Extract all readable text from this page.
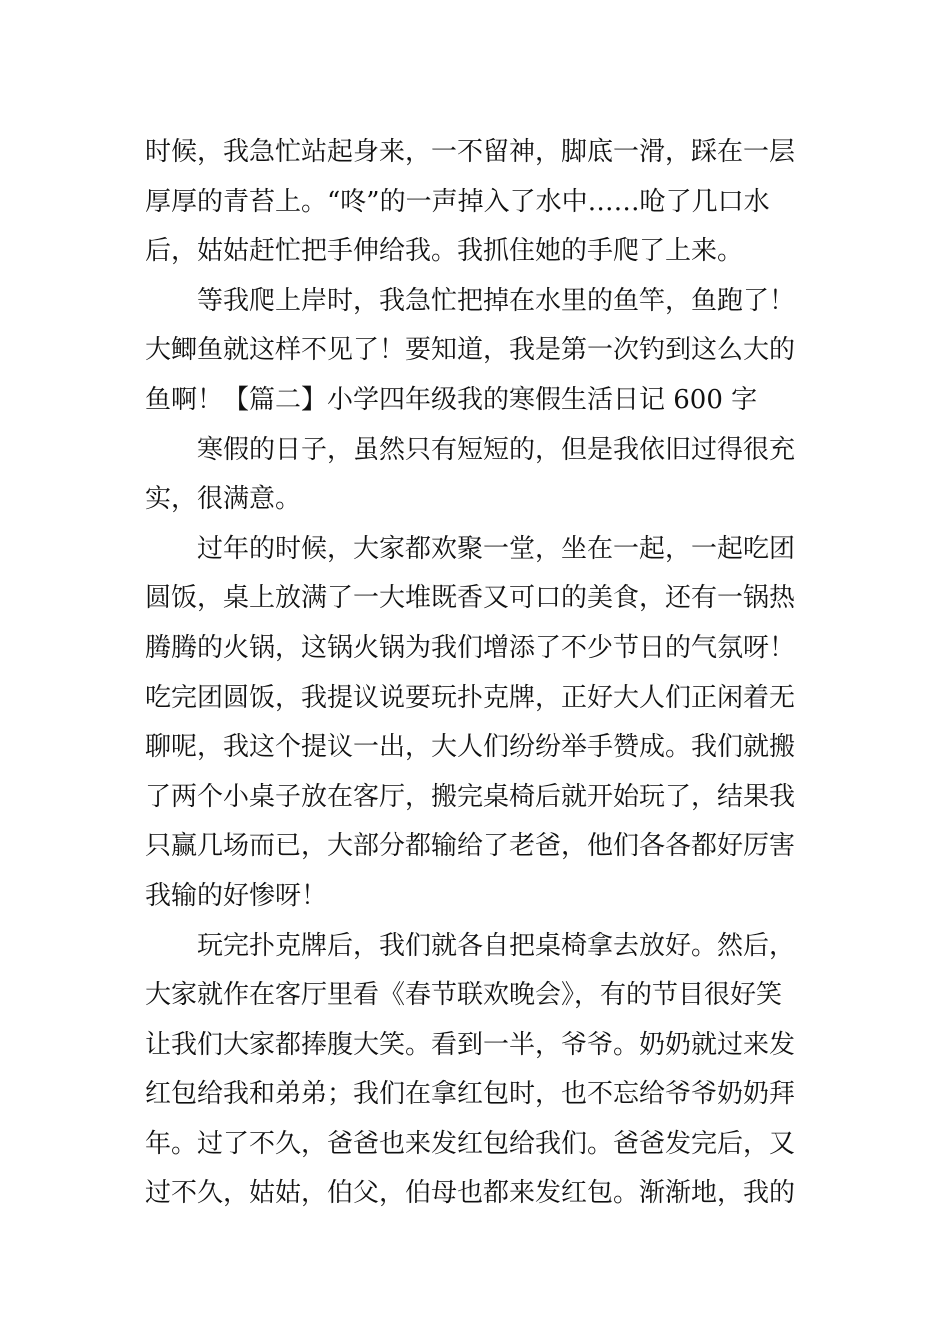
时候，我急忙站起身来，一不留神，脚底一滑，踩在一层
厚厚的青苔上。“咚”的一声掉入了水中……呛了几口水
后，姑姑赶忙把手伸给我。我抓住她的手爬了上来。
等我爬上岸时，我急忙把掉在水里的鱼竿，鱼跑了！
大鲫鱼就这样不见了！要知道，我是第一次钓到这么大的
鱼啊！【篇二】小学四年级我的寒假生活日记 600 字
寒假的日子，虽然只有短短的，但是我依旧过得很充
实，很满意。
过年的时候，大家都欢聚一堂，坐在一起，一起吃团
圆饭，桌上放满了一大堆既香又可口的美食，还有一锅热
腾腾的火锅，这锅火锅为我们增添了不少节日的气氛呀！
吃完团圆饭，我提议说要玩扑克牌，正好大人们正闲着无
聊呢，我这个提议一出，大人们纷纷举手赞成。我们就搬
了两个小桌子放在客厅，搬完桌椅后就开始玩了，结果我
只赢几场而已，大部分都输给了老爸，他们各各都好厉害
我输的好惨呀！
玩完扑克牌后，我们就各自把桌椅拿去放好。然后，
大家就作在客厅里看《春节联欢晚会》，有的节目很好笑
让我们大家都捧腹大笑。看到一半，爷爷。奶奶就过来发
红包给我和弟弟；我们在拿红包时，也不忘给爷爷奶奶拜
年。过了不久，爸爸也来发红包给我们。爸爸发完后，又
过不久，姑姑，伯父，伯母也都来发红包。渐渐地，我的
